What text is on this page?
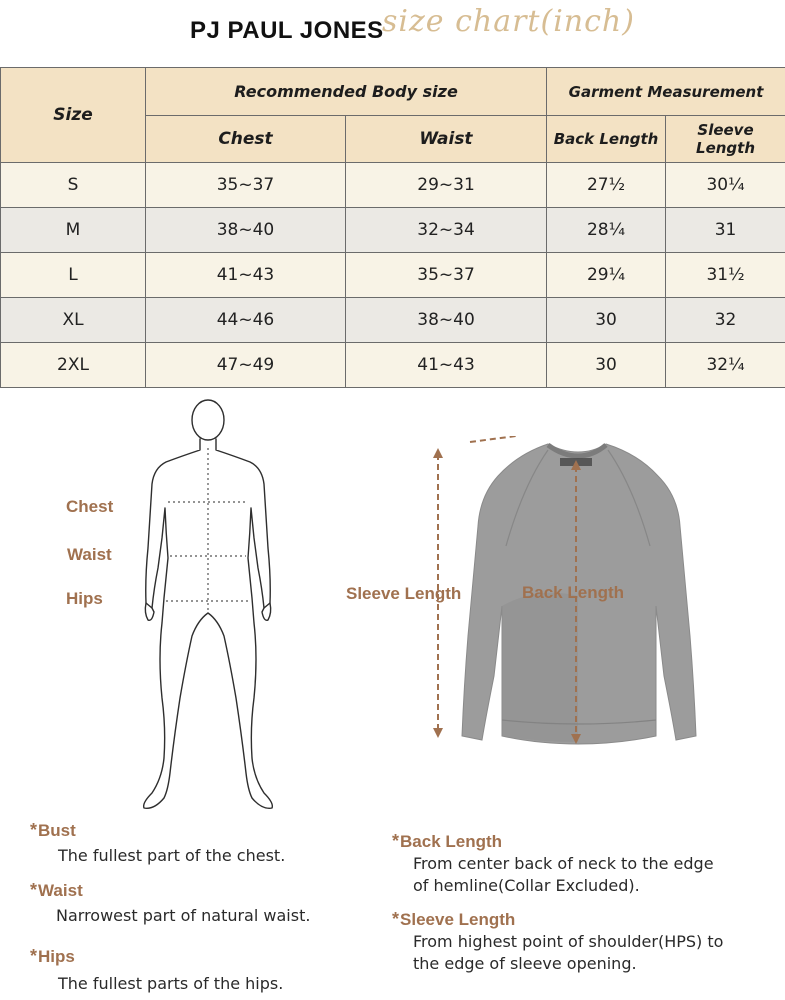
PJ PAUL JONES
size chart(inch)
Size	Recommended Body size		Garment Measurement	
	Chest	Waist	Back Length	Sleeve Length
S	35~37	29~31	27½	30¼
M	38~40	32~34	28¼	31
L	41~43	35~37	29¼	31½
XL	44~46	38~40	30	32
2XL	47~49	41~43	30	32¼
Chest
Waist
Hips	Sleeve Length	Back Length
*Bust
The fullest part of the chest.
*Waist
Narrowest part of natural waist.
*Hips
The fullest parts of the hips.
*Back Length
From center back of neck to the edge
of hemline(Collar Excluded).
*Sleeve Length
From highest point of shoulder(HPS) to
the edge of sleeve opening.
